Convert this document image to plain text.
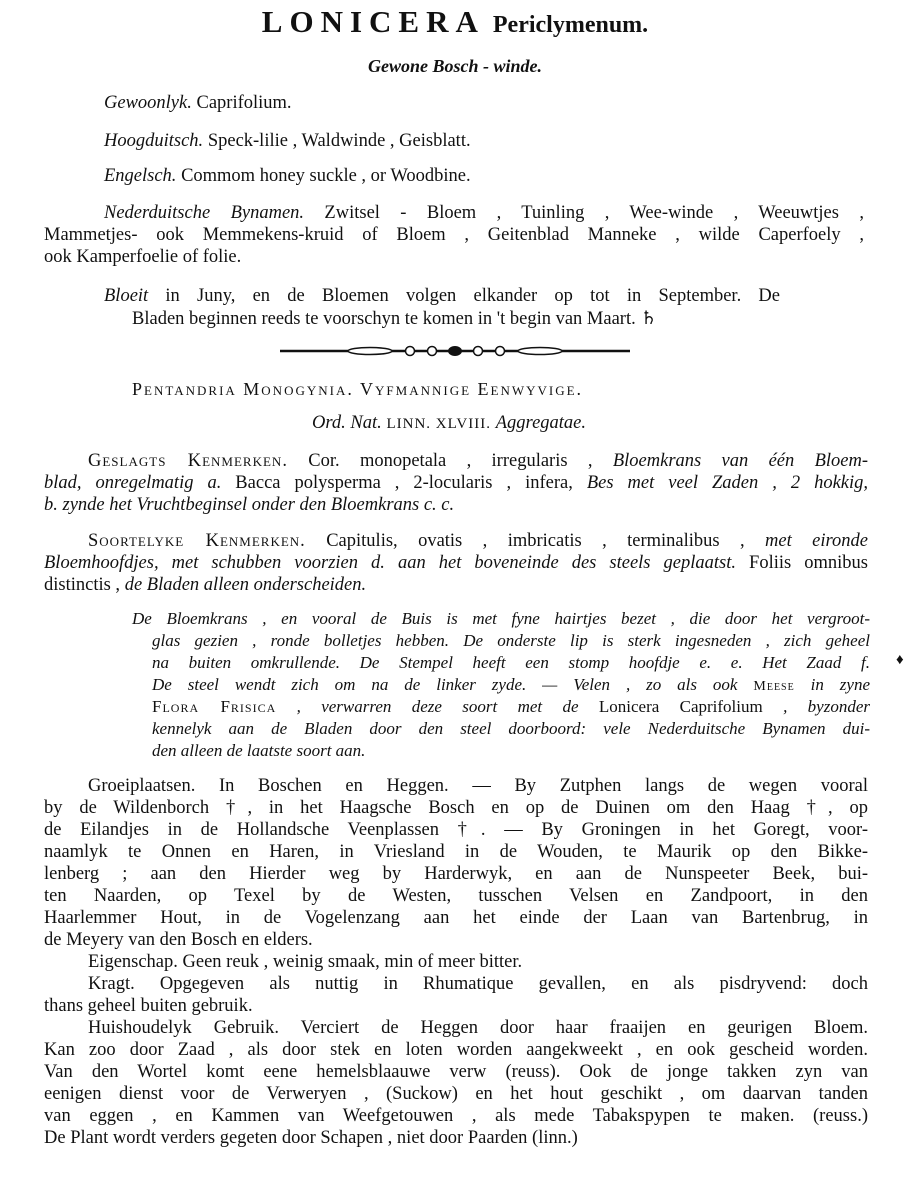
LONICERA Periclymenum.
Gewone Bosch - winde.
Gewoonlyk. Caprifolium.
Hoogduitsch. Speck-lilie , Waldwinde , Geisblatt.
Engelsch. Commom honey suckle , or Woodbine.
Nederduitsche Bynamen. Zwitsel - Bloem , Tuinling , Wee-winde , Weeuwtjes ,
Mammetjes- ook Memmekens-kruid of Bloem , Geitenblad Manneke , wilde Caperfoely ,
ook Kamperfoelie of folie.
Bloeit in Juny, en de Bloemen volgen elkander op tot in September. De
Bladen beginnen reeds te voorschyn te komen in 't begin van Maart. ♄
Pentandria Monogynia. Vyfmannige Eenwyvige.
Ord. Nat. LINN. XLVIII. Aggregatae.
Geslagts Kenmerken. Cor. monopetala , irregularis , Bloemkrans van één Bloem-
blad, onregelmatig a. Bacca polysperma , 2-locularis , infera, Bes met veel Zaden , 2 hokkig,
b. zynde het Vruchtbeginsel onder den Bloemkrans c. c.
Soortelyke Kenmerken. Capitulis, ovatis , imbricatis , terminalibus , met eironde
Bloemhoofdjes, met schubben voorzien d. aan het boveneinde des steels geplaatst. Foliis omnibus
distinctis , de Bladen alleen onderscheiden.
De Bloemkrans , en vooral de Buis is met fyne hairtjes bezet , die door het vergroot-
glas gezien , ronde bolletjes hebben. De onderste lip is sterk ingesneden , zich geheel
na buiten omkrullende. De Stempel heeft een stomp hoofdje e. e. Het Zaad f.
De steel wendt zich om na de linker zyde. — Velen , zo als ook Meese in zyne
Flora Frisica , verwarren deze soort met de Lonicera Caprifolium , byzonder
kennelyk aan de Bladen door den steel doorboord: vele Nederduitsche Bynamen dui-
den alleen de laatste soort aan.
♦
Groeiplaatsen. In Boschen en Heggen. — By Zutphen langs de wegen vooral
by de Wildenborch †, in het Haagsche Bosch en op de Duinen om den Haag †, op
de Eilandjes in de Hollandsche Veenplassen †. — By Groningen in het Goregt, voor-
naamlyk te Onnen en Haren, in Vriesland in de Wouden, te Maurik op den Bikke-
lenberg ; aan den Hierder weg by Harderwyk, en aan de Nunspeeter Beek, bui-
ten Naarden, op Texel by de Westen, tusschen Velsen en Zandpoort, in den
Haarlemmer Hout, in de Vogelenzang aan het einde der Laan van Bartenbrug, in
de Meyery van den Bosch en elders.
Eigenschap. Geen reuk , weinig smaak, min of meer bitter.
Kragt. Opgegeven als nuttig in Rhumatique gevallen, en als pisdryvend: doch
thans geheel buiten gebruik.
Huishoudelyk Gebruik. Verciert de Heggen door haar fraaijen en geurigen Bloem.
Kan zoo door Zaad , als door stek en loten worden aangekweekt , en ook gescheid worden.
Van den Wortel komt eene hemelsblaauwe verw (reuss). Ook de jonge takken zyn van
eenigen dienst voor de Verweryen , (Suckow) en het hout geschikt , om daarvan tanden
van eggen , en Kammen van Weefgetouwen , als mede Tabakspypen te maken. (reuss.)
De Plant wordt verders gegeten door Schapen , niet door Paarden (linn.)
